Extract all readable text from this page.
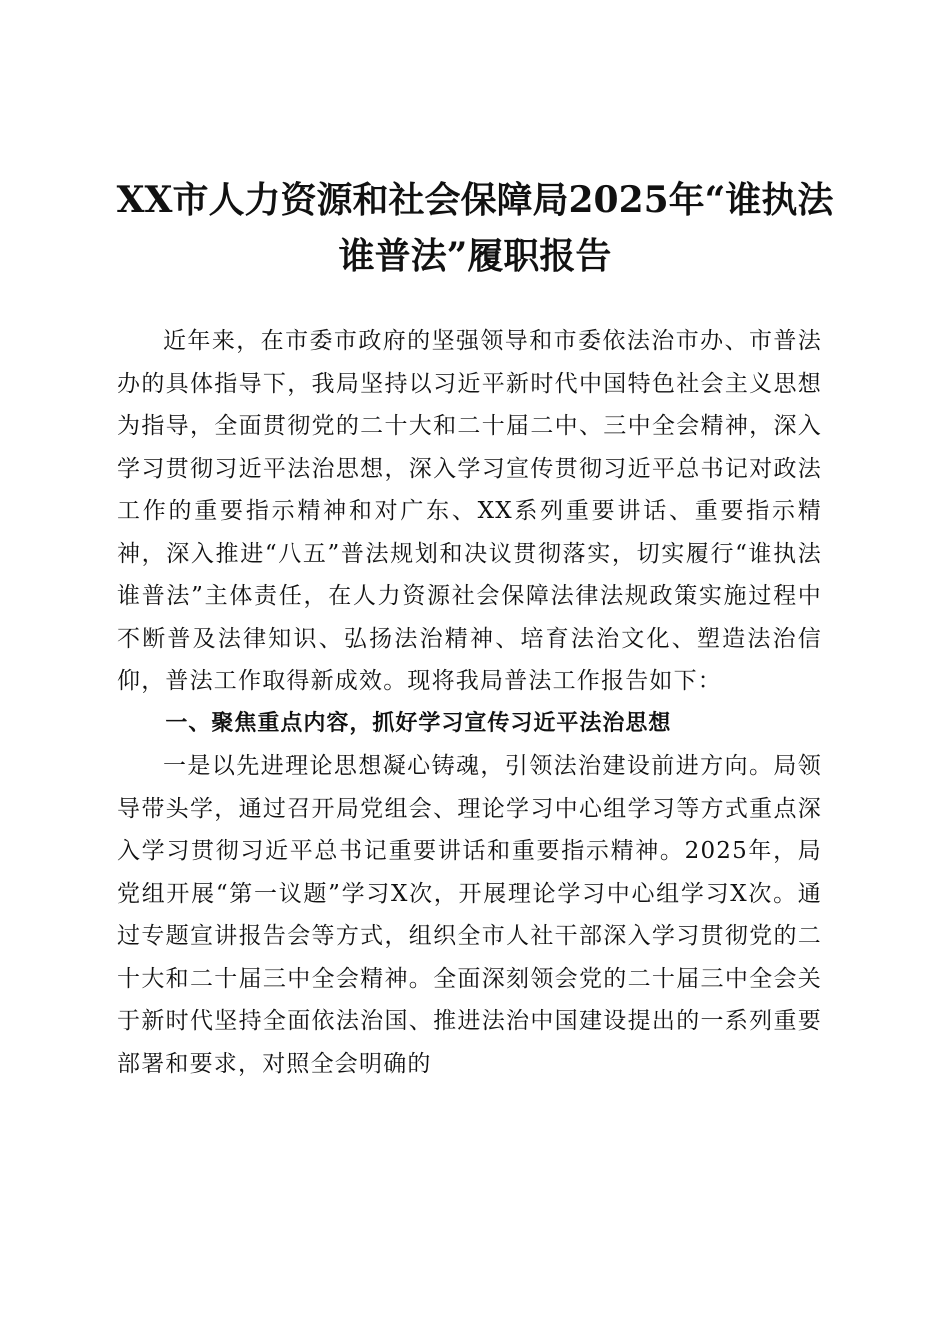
XX市人力资源和社会保障局2025年“谁执法
谁普法”履职报告

近年来，在市委市政府的坚强领导和市委依法治市办、市普法办的具体指导下，我局坚持以习近平新时代中国特色社会主义思想为指导，全面贯彻党的二十大和二十届二中、三中全会精神，深入学习贯彻习近平法治思想，深入学习宣传贯彻习近平总书记对政法工作的重要指示精神和对广东、XX系列重要讲话、重要指示精神，深入推进“八五”普法规划和决议贯彻落实，切实履行“谁执法谁普法”主体责任，在人力资源社会保障法律法规政策实施过程中不断普及法律知识、弘扬法治精神、培育法治文化、塑造法治信仰，普法工作取得新成效。现将我局普法工作报告如下：

一、聚焦重点内容，抓好学习宣传习近平法治思想

一是以先进理论思想凝心铸魂，引领法治建设前进方向。局领导带头学，通过召开局党组会、理论学习中心组学习等方式重点深入学习贯彻习近平总书记重要讲话和重要指示精神。2025年，局党组开展“第一议题”学习X次，开展理论学习中心组学习X次。通过专题宣讲报告会等方式，组织全市人社干部深入学习贯彻党的二十大和二十届三中全会精神。全面深刻领会党的二十届三中全会关于新时代坚持全面依法治国、推进法治中国建设提出的一系列重要部署和要求，对照全会明确的
